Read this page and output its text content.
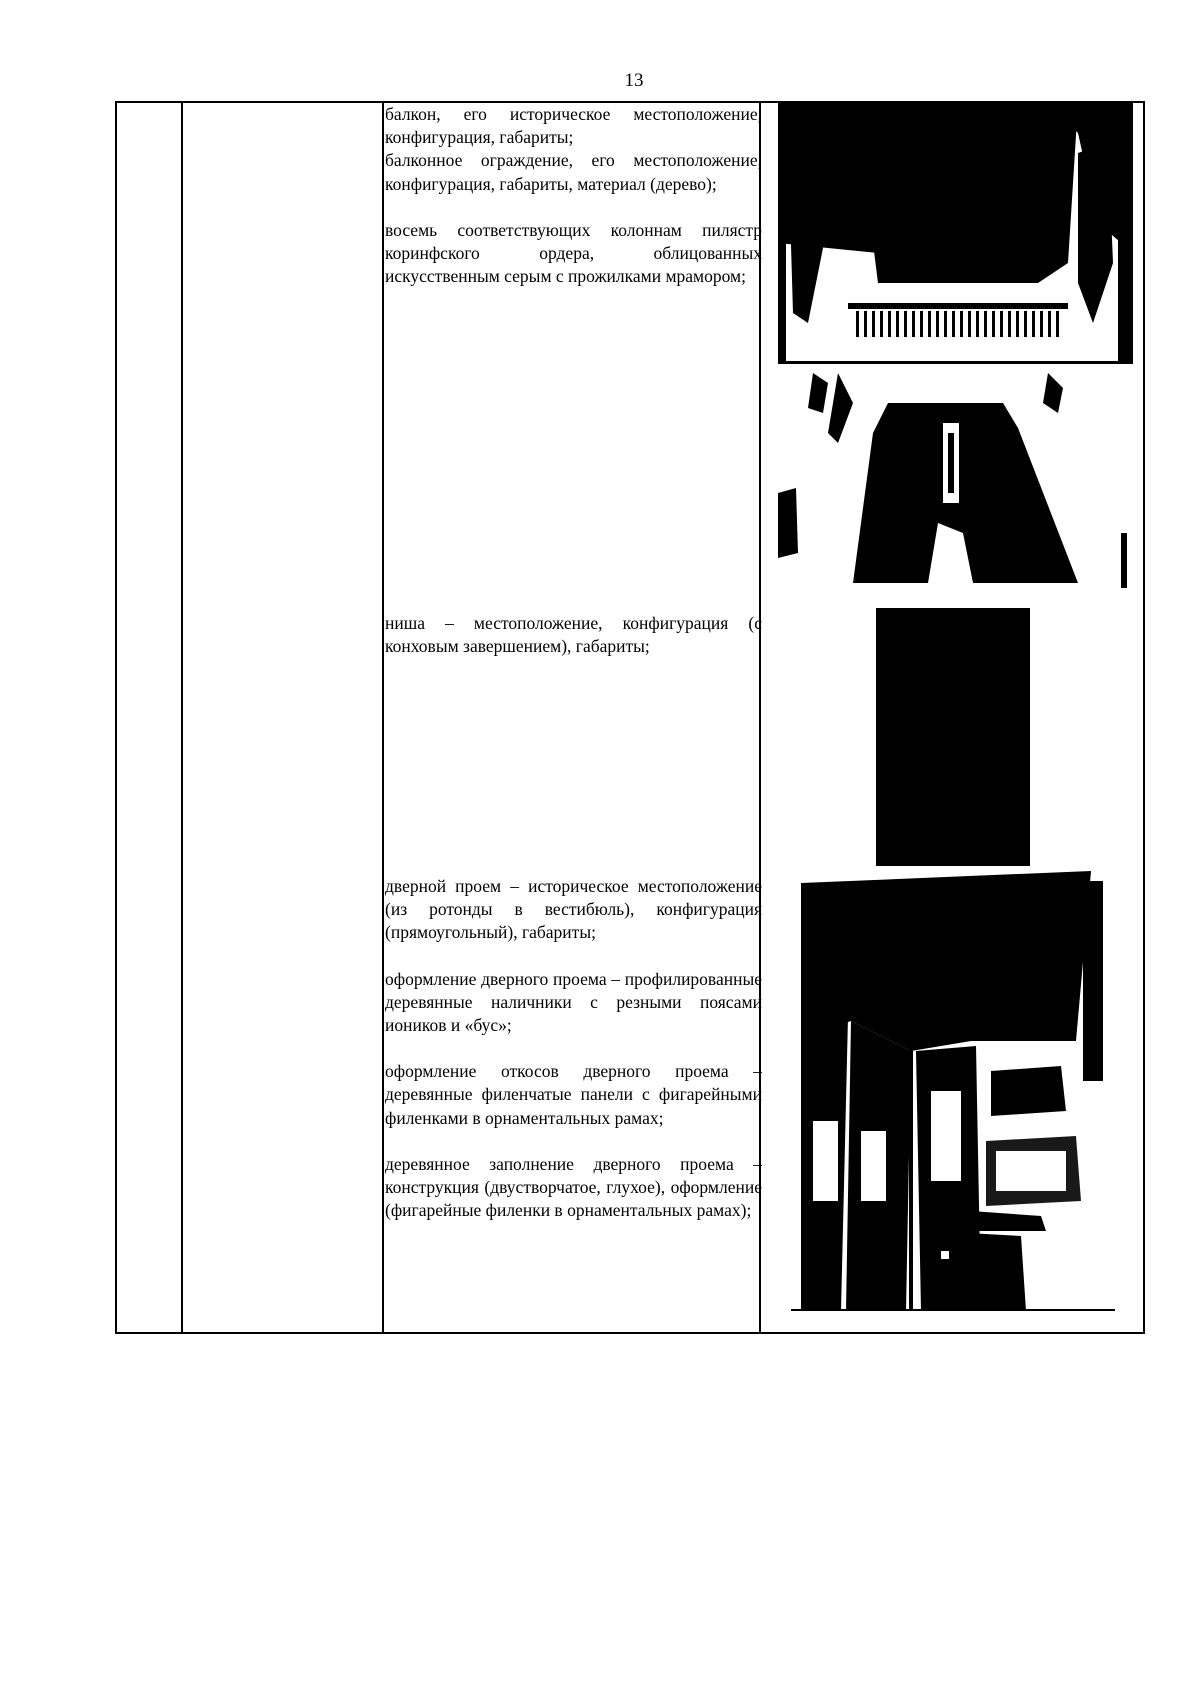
13

балкон, его историческое местоположение, конфигурация, габариты;
балконное ограждение, его местоположение, конфигурация, габариты, материал (дерево);

восемь соответствующих колоннам пилястр коринфского ордера, облицованных искусственным серым с прожилками мрамором;

ниша – местоположение, конфигурация (с конховым завершением), габариты;

дверной проем – историческое местоположение (из ротонды в вестибюль), конфигурация (прямоугольный), габариты;

оформление дверного проема – профилированные деревянные наличники с резными поясами иоников и «бус»;

оформление откосов дверного проема – деревянные филенчатые панели с фигарейными филенками в орнаментальных рамах;

деревянное заполнение дверного проема – конструкция (двустворчатое, глухое), оформление (фигарейные филенки в орнаментальных рамах);
